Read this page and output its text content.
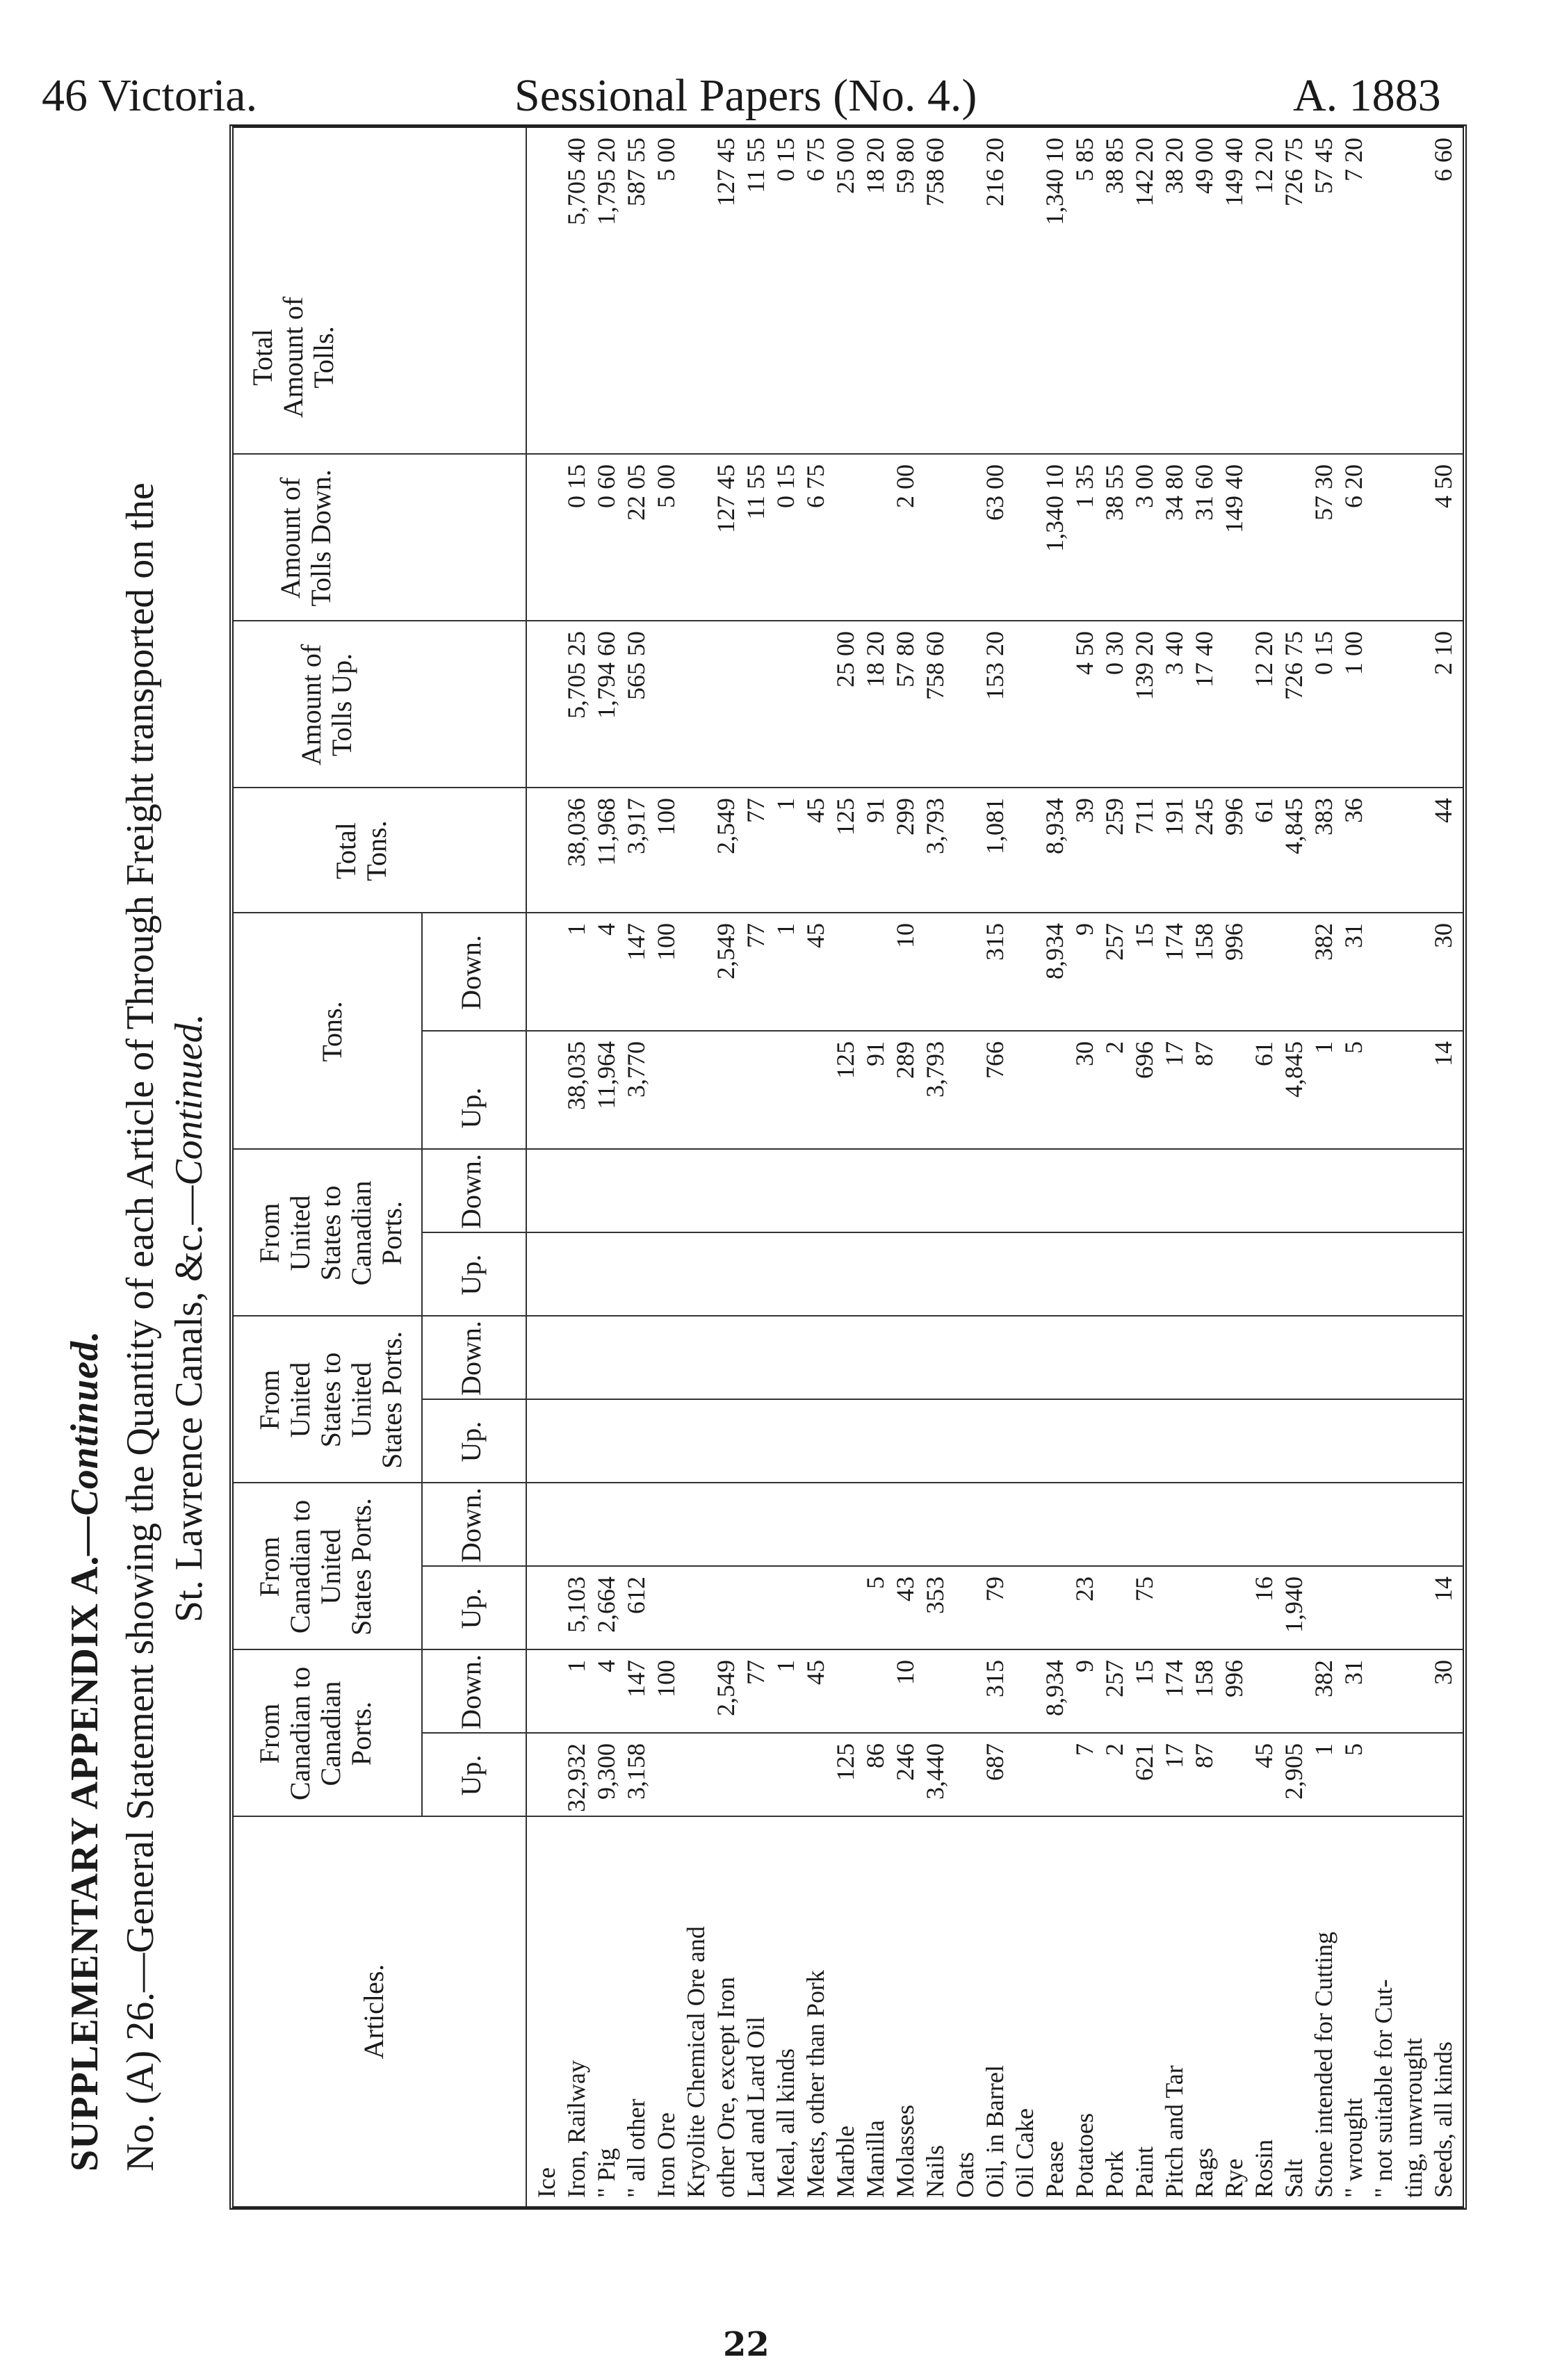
46 Victoria.	Sessional Papers (No. 4.)	A. 1883
SUPPLEMENTARY APPENDIX A.—Continued. No. (A) 26.—General Statement showing the Quantity of each Article of Through Freight transported on the St. Lawrence Canals, &c.—Continued.
Articles.
From Canadian to Canadian Ports.
From Canadian to United States Ports.
From United States to United States Ports.
From United States to Canadian Ports.
Tons.
Total Tons.
Amount of Tolls Up.
Amount of Tolls Down.
Total Amount of Tolls.
Up.
Down.
Up.
Down.
Up.
Down.
Up.
Down.
Up.
Down.
Ice Iron, Railway
32,932
1
5,103
38,035
1
38,036
5,705 25
0 15
5,705 40
" Pig
9,300
4
2,664
11,964
4
11,968
1,794 60
0 60
1,795 20
" all other
3,158
147
612
3,770
147
3,917
565 50
22 05
587 55
Iron Ore
100
100
100
5 00
5 00
Kryolite Chemical Ore and other Ore, except Iron
2,549
2,549
2,549
127 45
127 45
Lard and Lard Oil
77
77
77
11 55
11 55
Meal, all kinds
1
1
1
0 15
0 15
Meats, other than Pork
45
45
45
6 75
6 75
Marble
125
125
125
25 00
25 00
Manilla
86
5
91
91
18 20
18 20
Molasses
246
10
43
289
10
299
57 80
2 00
59 80
Nails
3,440
353
3,793
3,793
758 60
758 60
Oats Oil, in Barrel
687
315
79
766
315
1,081
153 20
63 00
216 20
Oil Cake Pease
8,934
8,934
8,934
1,340 10
1,340 10
Potatoes
7
9
23
30
9
39
4 50
1 35
5 85
Pork
2
257
2
257
259
0 30
38 55
38 85
Paint
621
15
75
696
15
711
139 20
3 00
142 20
Pitch and Tar
17
174
17
174
191
3 40
34 80
38 20
Rags
87
158
87
158
245
17 40
31 60
49 00
Rye
996
996
996
149 40
149 40
Rosin
45
16
61
61
12 20
12 20
Salt
2,905
1,940
4,845
4,845
726 75
726 75
Stone intended for Cutting
1
382
1
382
383
0 15
57 30
57 45
" wrought
5
31
5
31
36
1 00
6 20
7 20
" not suitable for Cut- ting, unwrought Seeds, all kinds
30
14
14
30
44
2 10
4 50
6 60
22
